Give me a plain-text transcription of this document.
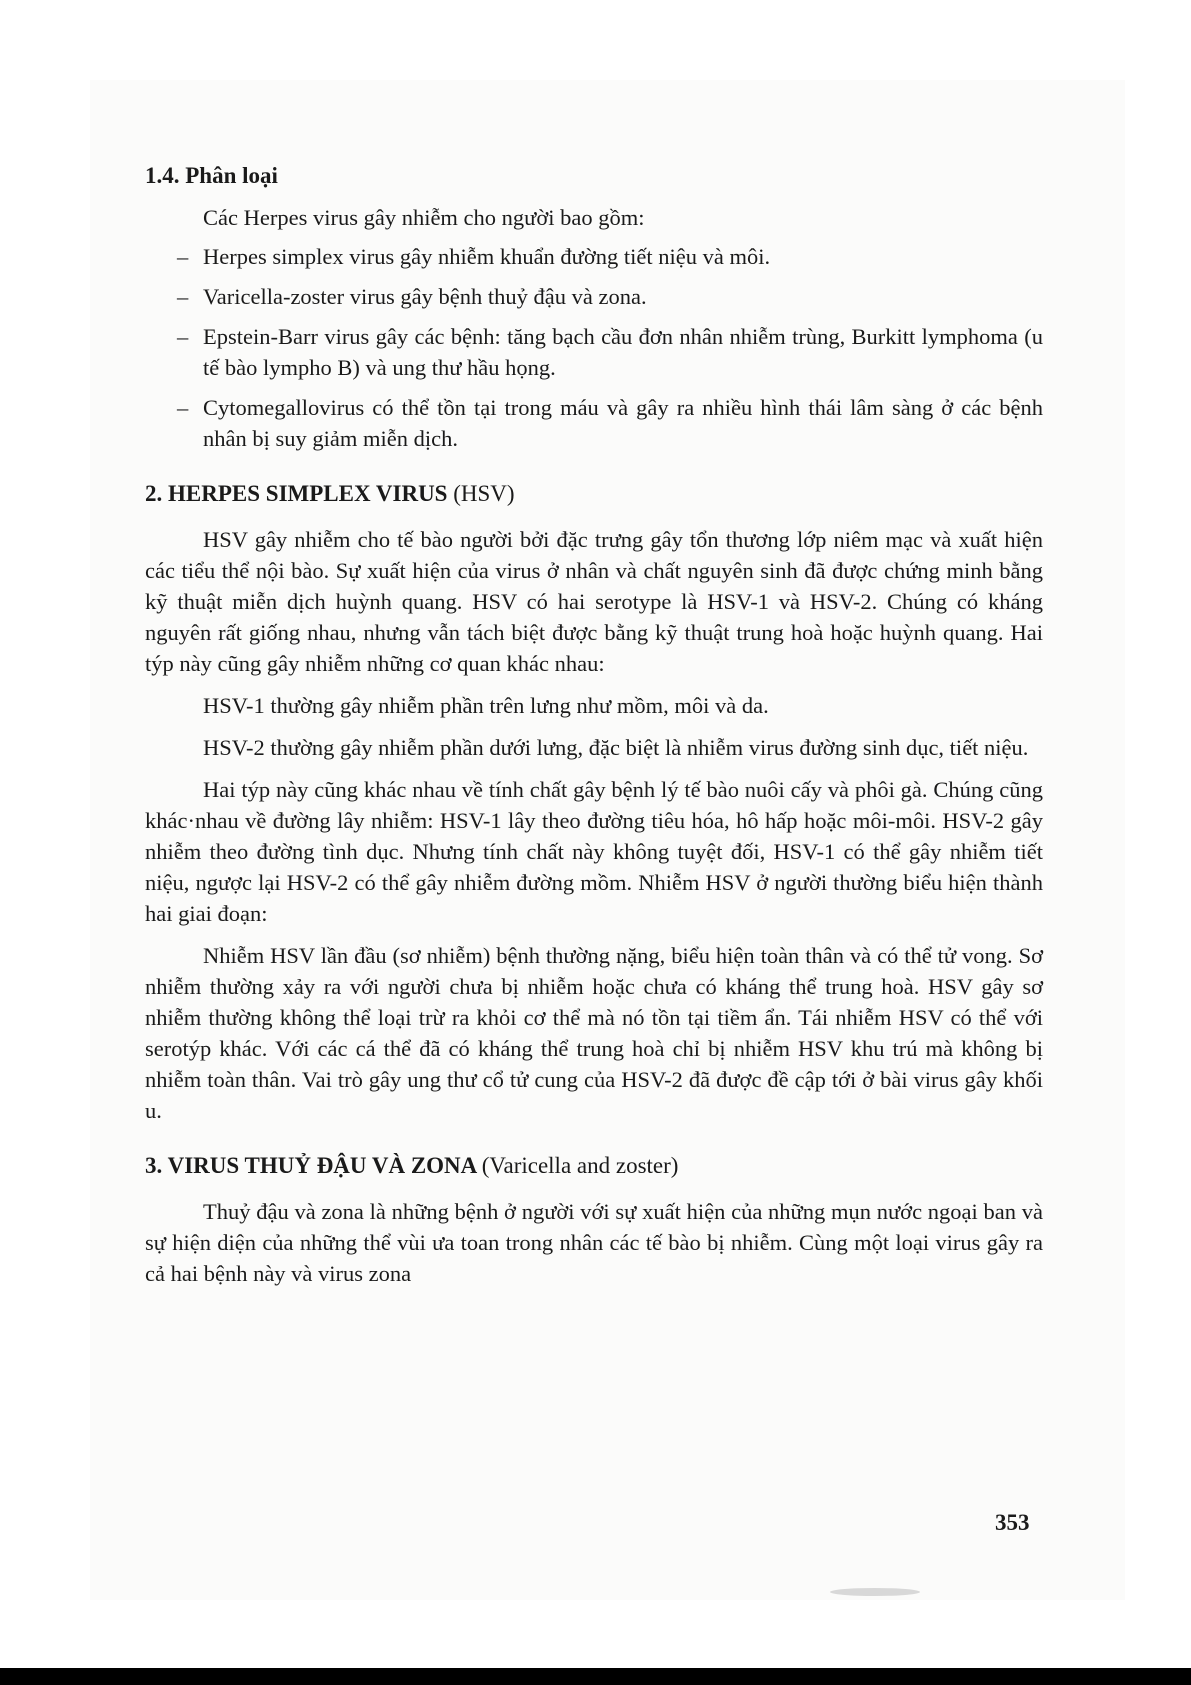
1.4. Phân loại

Các Herpes virus gây nhiễm cho người bao gồm:

– Herpes simplex virus gây nhiễm khuẩn đường tiết niệu và môi.
– Varicella-zoster virus gây bệnh thuỷ đậu và zona.
– Epstein-Barr virus gây các bệnh: tăng bạch cầu đơn nhân nhiễm trùng, Burkitt lymphoma (u tế bào lympho B) và ung thư hầu họng.
– Cytomegallovirus có thể tồn tại trong máu và gây ra nhiều hình thái lâm sàng ở các bệnh nhân bị suy giảm miễn dịch.
2. HERPES SIMPLEX VIRUS (HSV)

HSV gây nhiễm cho tế bào người bởi đặc trưng gây tổn thương lớp niêm mạc và xuất hiện các tiểu thể nội bào. Sự xuất hiện của virus ở nhân và chất nguyên sinh đã được chứng minh bằng kỹ thuật miễn dịch huỳnh quang. HSV có hai serotype là HSV-1 và HSV-2. Chúng có kháng nguyên rất giống nhau, nhưng vẫn tách biệt được bằng kỹ thuật trung hoà hoặc huỳnh quang. Hai týp này cũng gây nhiễm những cơ quan khác nhau:

HSV-1 thường gây nhiễm phần trên lưng như mồm, môi và da.

HSV-2 thường gây nhiễm phần dưới lưng, đặc biệt là nhiễm virus đường sinh dục, tiết niệu.

Hai týp này cũng khác nhau về tính chất gây bệnh lý tế bào nuôi cấy và phôi gà. Chúng cũng khác·nhau về đường lây nhiễm: HSV-1 lây theo đường tiêu hóa, hô hấp hoặc môi-môi. HSV-2 gây nhiễm theo đường tình dục. Nhưng tính chất này không tuyệt đối, HSV-1 có thể gây nhiễm tiết niệu, ngược lại HSV-2 có thể gây nhiễm đường mồm. Nhiễm HSV ở người thường biểu hiện thành hai giai đoạn:

Nhiễm HSV lần đầu (sơ nhiễm) bệnh thường nặng, biểu hiện toàn thân và có thể tử vong. Sơ nhiễm thường xảy ra với người chưa bị nhiễm hoặc chưa có kháng thể trung hoà. HSV gây sơ nhiễm thường không thể loại trừ ra khỏi cơ thể mà nó tồn tại tiềm ẩn. Tái nhiễm HSV có thể với serotýp khác. Với các cá thể đã có kháng thể trung hoà chỉ bị nhiễm HSV khu trú mà không bị nhiễm toàn thân. Vai trò gây ung thư cổ tử cung của HSV-2 đã được đề cập tới ở bài virus gây khối u.

3. VIRUS THUỶ ĐẬU VÀ ZONA (Varicella and zoster)

Thuỷ đậu và zona là những bệnh ở người với sự xuất hiện của những mụn nước ngoại ban và sự hiện diện của những thể vùi ưa toan trong nhân các tế bào bị nhiễm. Cùng một loại virus gây ra cả hai bệnh này và virus zona

353
